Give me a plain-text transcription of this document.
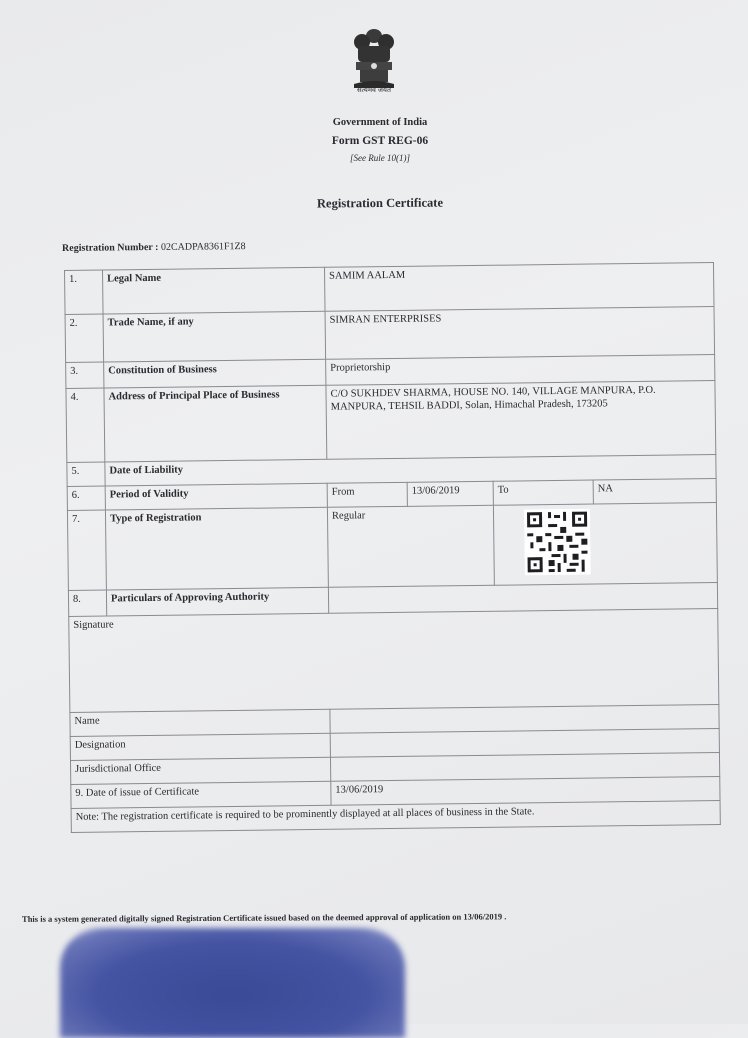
सत्यमेव जयते
Government of India
Form GST REG-06
[See Rule 10(1)]
Registration Certificate
Registration Number : 02CADPA8361F1Z8
1.	Legal Name	SAMIM AALAM			
2.	Trade Name, if any	SIMRAN ENTERPRISES			
3.	Constitution of Business	Proprietorship			
4.	Address of Principal Place of Business	C/O SUKHDEV SHARMA, HOUSE NO. 140, VILLAGE MANPURA, P.O. MANPURA, TEHSIL BADDI, Solan, Himachal Pradesh, 173205			
5.	Date of Liability				
6.	Period of Validity	From	13/06/2019	To	NA
7.	Type of Registration	Regular	

8.	Particulars of Approving Authority				
Signature					
Name					
Designation					
Jurisdictional Office					
9. Date of issue of Certificate		13/06/2019			
Note: The registration certificate is required to be prominently displayed at all places of business in the State.					
This is a system generated digitally signed Registration Certificate issued based on the deemed approval of application on 13/06/2019 .
